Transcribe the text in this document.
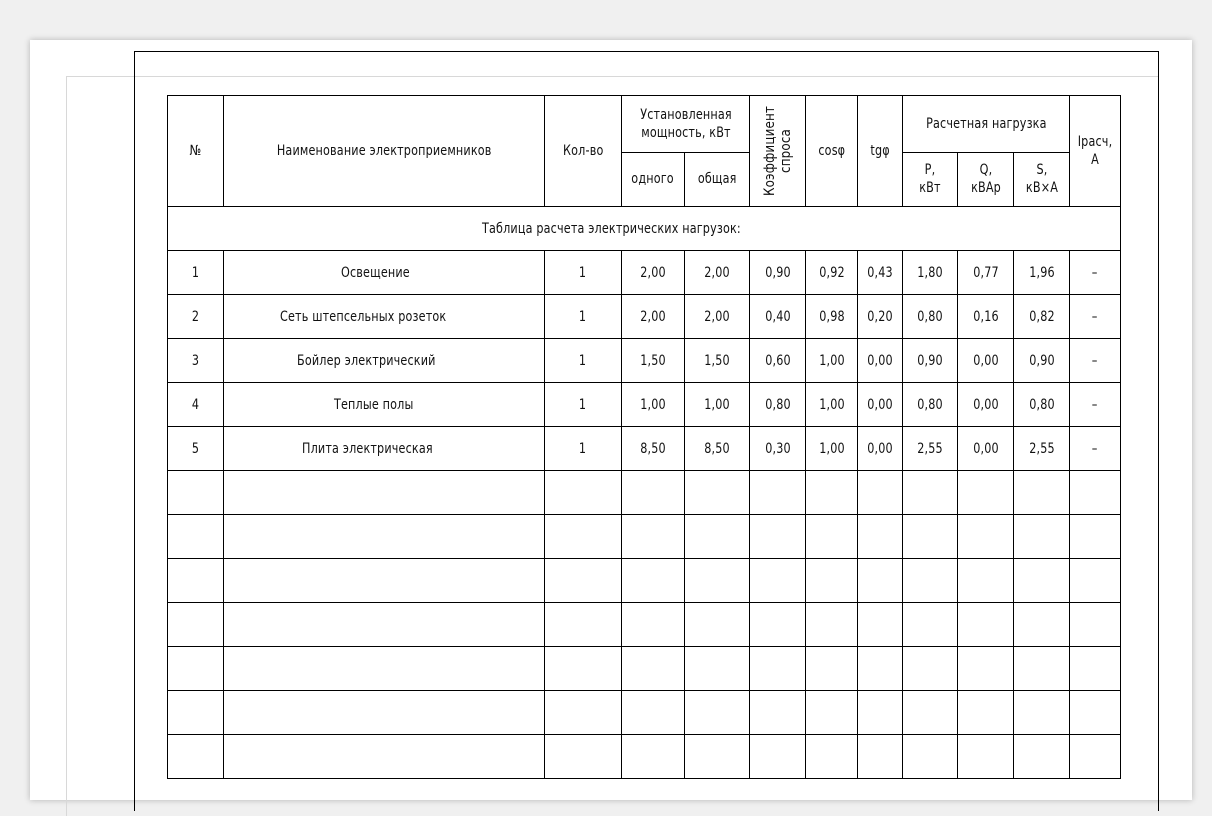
№	Наименование электроприемников	Кол-во	Установленная мощность, кВт		Коэффициент спроса	cosφ	tgφ	Расчетная нагрузка			Iрасч, А
			одного	общая				P, кВт	Q, кВАр	S, кВ×А	
Таблица расчета электрических нагрузок:											
1	Освещение	1	2,00	2,00	0,90	0,92	0,43	1,80	0,77	1,96	–
2	Сеть штепсельных розеток	1	2,00	2,00	0,40	0,98	0,20	0,80	0,16	0,82	–
3	Бойлер электрический	1	1,50	1,50	0,60	1,00	0,00	0,90	0,00	0,90	–
4	Теплые полы	1	1,00	1,00	0,80	1,00	0,00	0,80	0,00	0,80	–
5	Плита электрическая	1	8,50	8,50	0,30	1,00	0,00	2,55	0,00	2,55	–
